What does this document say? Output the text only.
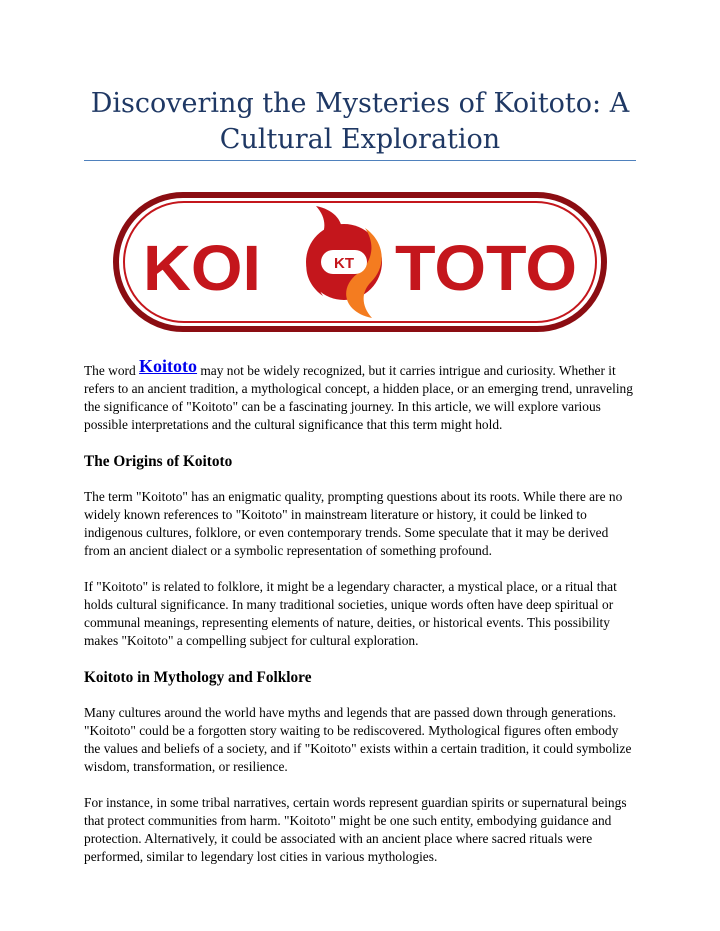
Discovering the Mysteries of Koitoto: A
Cultural Exploration
KOI	KT TOTO

The word Koitoto may not be widely recognized, but it carries intrigue and curiosity. Whether it refers to an ancient tradition, a mythological concept, a hidden place, or an emerging trend, unraveling the significance of "Koitoto" can be a fascinating journey. In this article, we will explore various possible interpretations and the cultural significance that this term might hold.

The Origins of Koitoto

The term "Koitoto" has an enigmatic quality, prompting questions about its roots. While there are no widely known references to "Koitoto" in mainstream literature or history, it could be linked to indigenous cultures, folklore, or even contemporary trends. Some speculate that it may be derived from an ancient dialect or a symbolic representation of something profound.

If "Koitoto" is related to folklore, it might be a legendary character, a mystical place, or a ritual that holds cultural significance. In many traditional societies, unique words often have deep spiritual or communal meanings, representing elements of nature, deities, or historical events. This possibility makes "Koitoto" a compelling subject for cultural exploration.

Koitoto in Mythology and Folklore

Many cultures around the world have myths and legends that are passed down through generations. "Koitoto" could be a forgotten story waiting to be rediscovered. Mythological figures often embody the values and beliefs of a society, and if "Koitoto" exists within a certain tradition, it could symbolize wisdom, transformation, or resilience.

For instance, in some tribal narratives, certain words represent guardian spirits or supernatural beings that protect communities from harm. "Koitoto" might be one such entity, embodying guidance and protection. Alternatively, it could be associated with an ancient place where sacred rituals were performed, similar to legendary lost cities in various mythologies.
